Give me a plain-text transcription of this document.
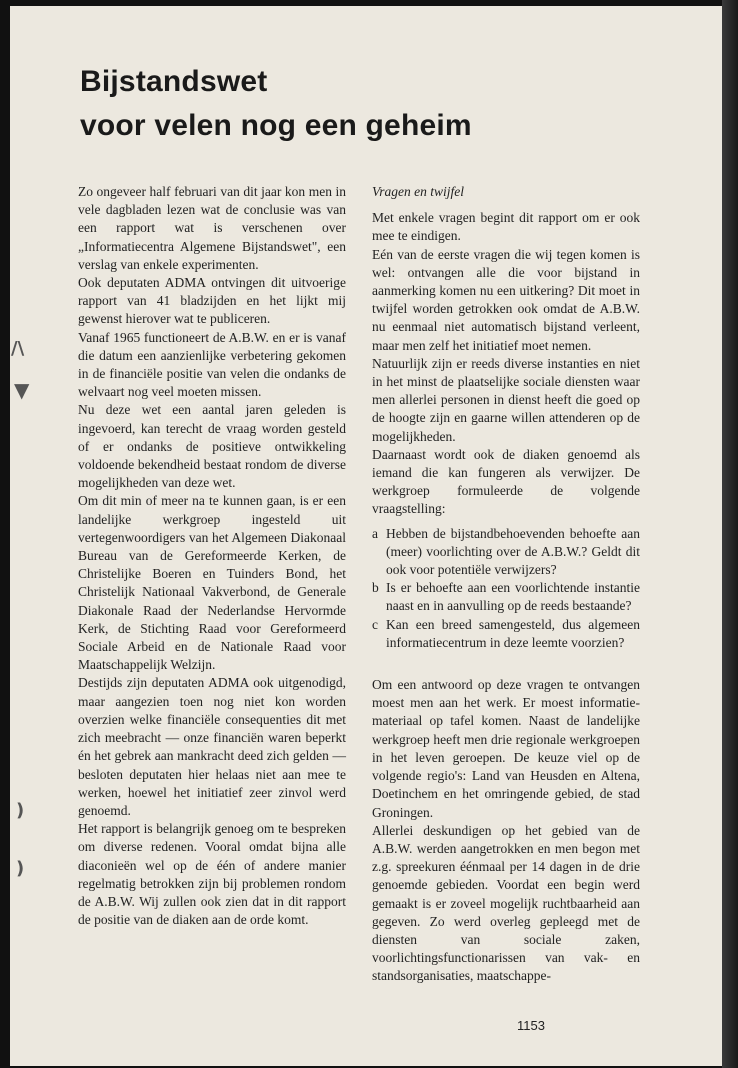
Bijstandswet
voor velen nog een geheim
/\
▼
)
)

Zo ongeveer half februari van dit jaar kon men in vele dagbladen lezen wat de conclusie was van een rapport wat is verschenen over „Informatiecentra Algemene Bijstandswet", een verslag van enkele experimenten.

Ook deputaten ADMA ontvingen dit uitvoerige rapport van 41 bladzijden en het lijkt mij gewenst hierover wat te publiceren.

Vanaf 1965 functioneert de A.B.W. en er is vanaf die datum een aanzienlijke verbetering gekomen in de financiële positie van velen die ondanks de welvaart nog veel moeten missen.

Nu deze wet een aantal jaren geleden is ingevoerd, kan terecht de vraag worden gesteld of er ondanks de positieve ontwikkeling voldoende bekendheid bestaat rondom de diverse mogelijkheden van deze wet.

Om dit min of meer na te kunnen gaan, is er een landelijke werkgroep ingesteld uit vertegenwoordigers van het Algemeen Diakonaal Bureau van de Gereformeerde Kerken, de Christelijke Boeren en Tuinders Bond, het Christelijk Nationaal Vakverbond, de Generale Diakonale Raad der Nederlandse Hervormde Kerk, de Stichting Raad voor Gereformeerd Sociale Arbeid en de Nationale Raad voor Maatschappelijk Welzijn.

Destijds zijn deputaten ADMA ook uitgenodigd, maar aangezien toen nog niet kon worden overzien welke financiële consequenties dit met zich meebracht — onze financiën waren beperkt én het gebrek aan mankracht deed zich gelden — besloten deputaten hier helaas niet aan mee te werken, hoewel het initiatief zeer zinvol werd genoemd.

Het rapport is belangrijk genoeg om te bespreken om diverse redenen. Vooral omdat bijna alle diaconieën wel op de één of andere manier regelmatig betrokken zijn bij problemen rondom de A.B.W. Wij zullen ook zien dat in dit rapport de positie van de diaken aan de orde komt.

Vragen en twijfel

Met enkele vragen begint dit rapport om er ook mee te eindigen.

Eén van de eerste vragen die wij tegen komen is wel: ontvangen alle die voor bijstand in aanmerking komen nu een uitkering? Dit moet in twijfel worden getrokken ook omdat de A.B.W. nu eenmaal niet automatisch bijstand verleent, maar men zelf het initiatief moet nemen.

Natuurlijk zijn er reeds diverse instanties en niet in het minst de plaatselijke sociale diensten waar men allerlei personen in dienst heeft die goed op de hoogte zijn en gaarne willen attenderen op de mogelijkheden.

Daarnaast wordt ook de diaken genoemd als iemand die kan fungeren als verwijzer. De werkgroep formuleerde de volgende vraagstelling:

a Hebben de bijstandbehoevenden behoefte aan (meer) voorlichting over de A.B.W.? Geldt dit ook voor potentiële verwijzers?
b Is er behoefte aan een voorlichtende instantie naast en in aanvulling op de reeds bestaande?
c Kan een breed samengesteld, dus algemeen informatiecentrum in deze leemte voorzien?

Om een antwoord op deze vragen te ontvangen moest men aan het werk. Er moest informatie-materiaal op tafel komen. Naast de landelijke werkgroep heeft men drie regionale werkgroepen in het leven geroepen. De keuze viel op de volgende regio's: Land van Heusden en Altena, Doetinchem en het omringende gebied, de stad Groningen.

Allerlei deskundigen op het gebied van de A.B.W. werden aangetrokken en men begon met z.g. spreekuren éénmaal per 14 dagen in de drie genoemde gebieden. Voordat een begin werd gemaakt is er zoveel mogelijk ruchtbaarheid aan gegeven. Zo werd overleg gepleegd met de diensten van sociale zaken, voorlichtingsfunctionarissen van vak- en standsorganisaties, maatschappe-

1153
